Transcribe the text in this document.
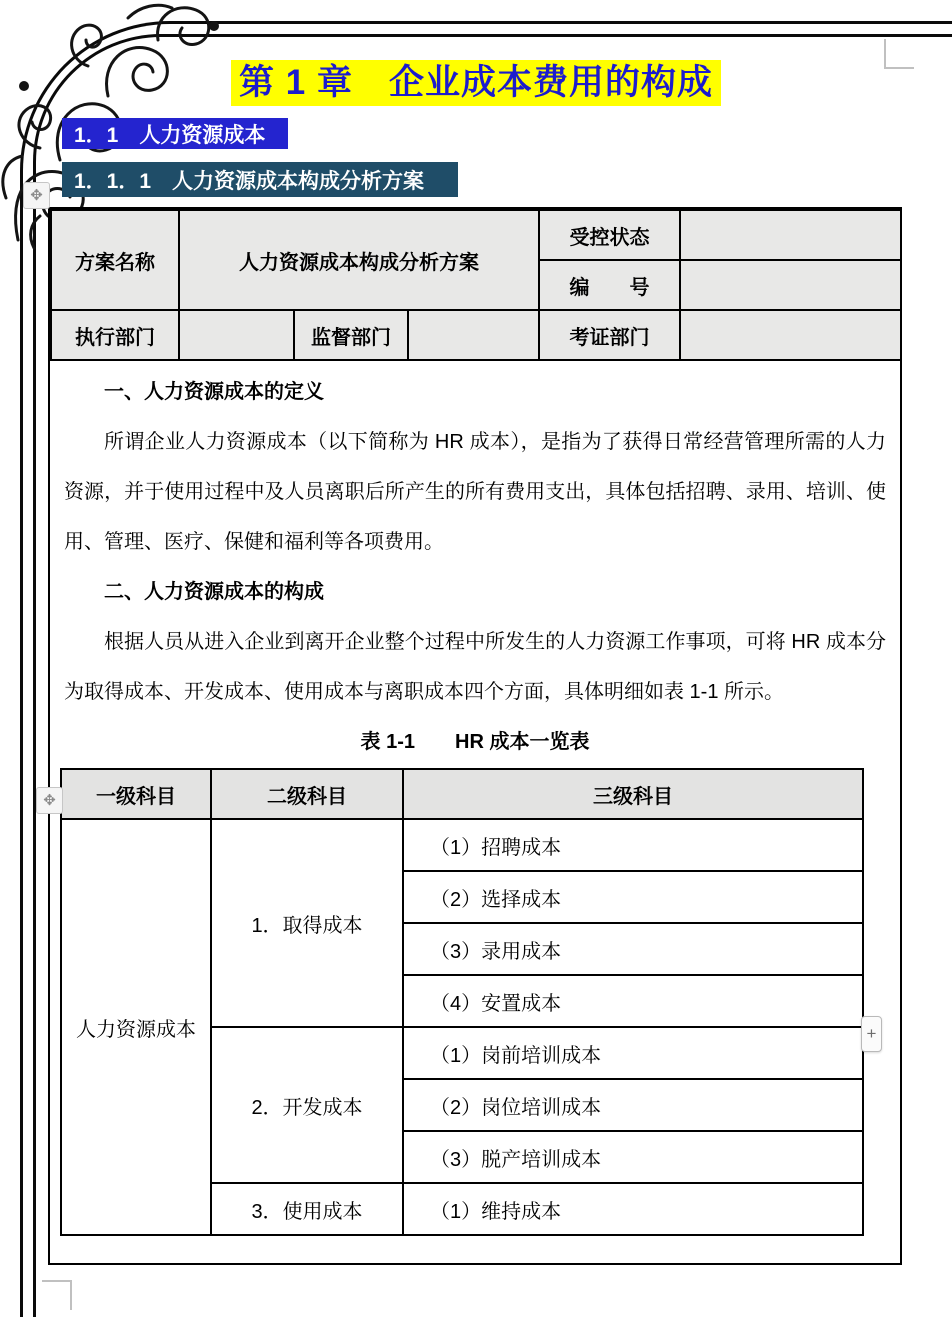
第 1 章　企业成本费用的构成
1．1　人力资源成本
1．1．1　人力资源成本构成分析方案
方案名称	人力资源成本构成分析方案			受控状态	
				编　　号	
执行部门		监督部门		考证部门	

一、人力资源成本的定义

所谓企业人力资源成本（以下简称为 HR 成本），是指为了获得日常经营管理所需的人力资源，并于使用过程中及人员离职后所产生的所有费用支出，具体包括招聘、录用、培训、使用、管理、医疗、保健和福利等各项费用。

二、人力资源成本的构成

根据人员从进入企业到离开企业整个过程中所发生的人力资源工作事项，可将 HR 成本分为取得成本、开发成本、使用成本与离职成本四个方面，具体明细如表 1-1 所示。

表 1-1　　HR 成本一览表

一级科目	二级科目	三级科目
人力资源成本	1．取得成本	（1）招聘成本
		（2）选择成本
		（3）录用成本
		（4）安置成本
	2．开发成本	（1）岗前培训成本
		（2）岗位培训成本
		（3）脱产培训成本
	3．使用成本	（1）维持成本
✥
✥
+
